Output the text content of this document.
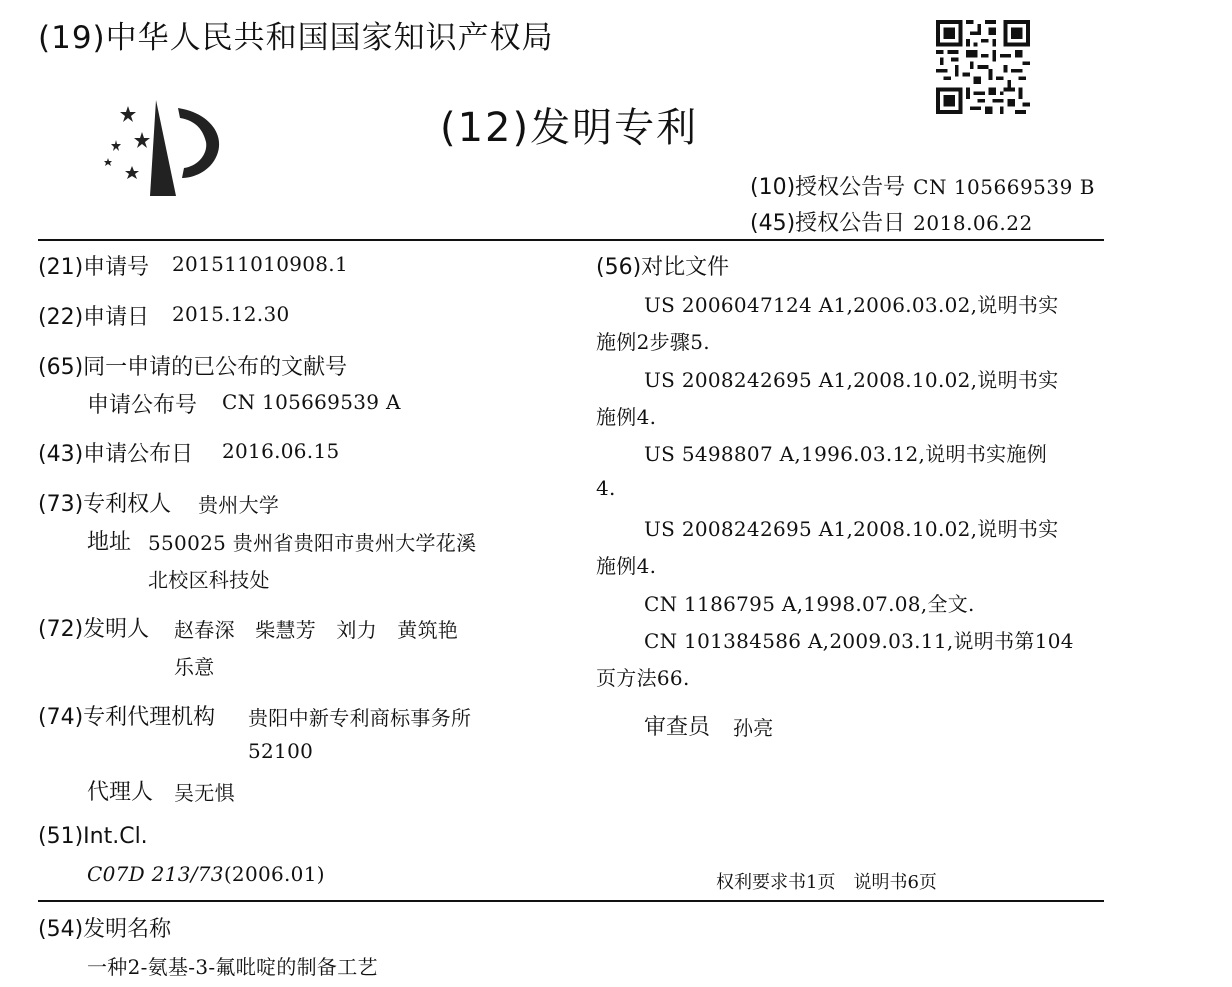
(19)中华人民共和国国家知识产权局
(12)发明专利
(10)授权公告号 CN 105669539 B
(45)授权公告日 2018.06.22
(21)申请号 201511010908.1
(22)申请日 2015.12.30
(65)同一申请的已公布的文献号
申请公布号 CN 105669539 A
(43)申请公布日 2016.06.15
(73)专利权人 贵州大学
地址 550025 贵州省贵阳市贵州大学花溪
北校区科技处
(72)发明人 赵春深　柴慧芳　刘力　黄筑艳
乐意
(74)专利代理机构 贵阳中新专利商标事务所
52100
代理人 吴无惧
(51)Int.Cl.
C07D 213/73(2006.01)
(56)对比文件
US 2006047124 A1,2006.03.02,说明书实
施例2步骤5.
US 2008242695 A1,2008.10.02,说明书实
施例4.
US 5498807 A,1996.03.12,说明书实施例
4.
US 2008242695 A1,2008.10.02,说明书实
施例4.
CN 1186795 A,1998.07.08,全文.
CN 101384586 A,2009.03.11,说明书第104
页方法66.
审查员 孙亮
权利要求书1页　说明书6页
(54)发明名称
一种2-氨基-3-氟吡啶的制备工艺
